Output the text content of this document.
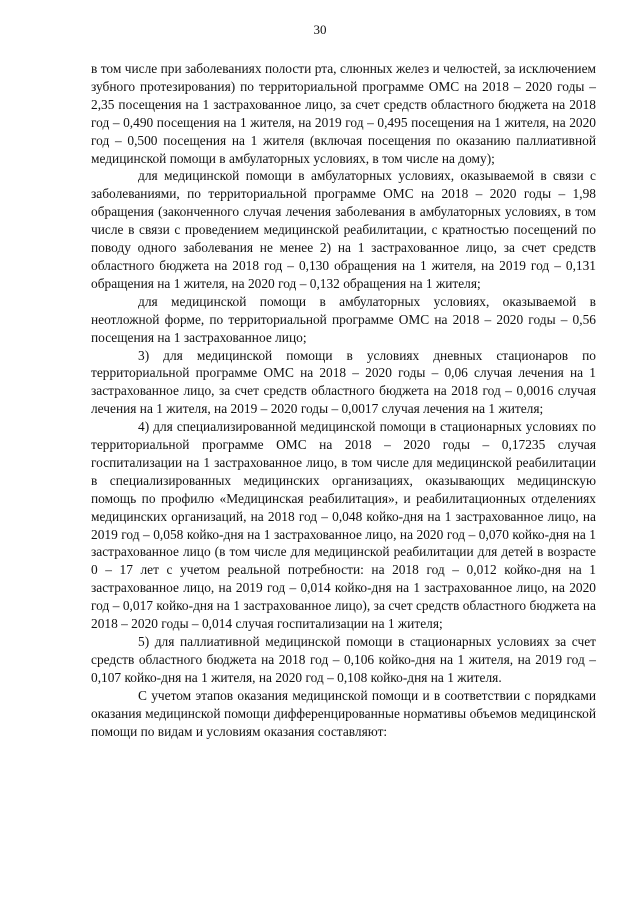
30

в том числе при заболеваниях полости рта, слюнных желез и челюстей, за исключением зубного протезирования) по территориальной программе ОМС на 2018 – 2020 годы – 2,35 посещения на 1 застрахованное лицо, за счет средств областного бюджета на 2018 год – 0,490 посещения на 1 жителя, на 2019 год – 0,495 посещения на 1 жителя, на 2020 год – 0,500 посещения на 1 жителя (включая посещения по оказанию паллиативной медицинской помощи в амбулаторных условиях, в том числе на дому);

для медицинской помощи в амбулаторных условиях, оказываемой в связи с заболеваниями, по территориальной программе ОМС на 2018 – 2020 годы – 1,98 обращения (законченного случая лечения заболевания в амбулаторных условиях, в том числе в связи с проведением медицинской реабилитации, с кратностью посещений по поводу одного заболевания не менее 2) на 1 застрахованное лицо, за счет средств областного бюджета на 2018 год – 0,130 обращения на 1 жителя, на 2019 год – 0,131 обращения на 1 жителя, на 2020 год – 0,132 обращения на 1 жителя;

для медицинской помощи в амбулаторных условиях, оказываемой в неотложной форме, по территориальной программе ОМС на 2018 – 2020 годы – 0,56 посещения на 1 застрахованное лицо;

3) для медицинской помощи в условиях дневных стационаров по территориальной программе ОМС на 2018 – 2020 годы – 0,06 случая лечения на 1 застрахованное лицо, за счет средств областного бюджета на 2018 год – 0,0016 случая лечения на 1 жителя, на 2019 – 2020 годы – 0,0017 случая лечения на 1 жителя;

4) для специализированной медицинской помощи в стационарных условиях по территориальной программе ОМС на 2018 – 2020 годы – 0,17235 случая госпитализации на 1 застрахованное лицо, в том числе для медицинской реабилитации в специализированных медицинских организациях, оказывающих медицинскую помощь по профилю «Медицинская реабилитация», и реабилитационных отделениях медицинских организаций, на 2018 год – 0,048 койко-дня на 1 застрахованное лицо, на 2019 год – 0,058 койко-дня на 1 застрахованное лицо, на 2020 год – 0,070 койко-дня на 1 застрахованное лицо (в том числе для медицинской реабилитации для детей в возрасте 0 – 17 лет с учетом реальной потребности: на 2018 год – 0,012 койко-дня на 1 застрахованное лицо, на 2019 год – 0,014 койко-дня на 1 застрахованное лицо, на 2020 год – 0,017 койко-дня на 1 застрахованное лицо), за счет средств областного бюджета на 2018 – 2020 годы – 0,014 случая госпитализации на 1 жителя;

5) для паллиативной медицинской помощи в стационарных условиях за счет средств областного бюджета на 2018 год – 0,106 койко-дня на 1 жителя, на 2019 год – 0,107 койко-дня на 1 жителя, на 2020 год – 0,108 койко-дня на 1 жителя.

С учетом этапов оказания медицинской помощи и в соответствии с порядками оказания медицинской помощи дифференцированные нормативы объемов медицинской помощи по видам и условиям оказания составляют:
